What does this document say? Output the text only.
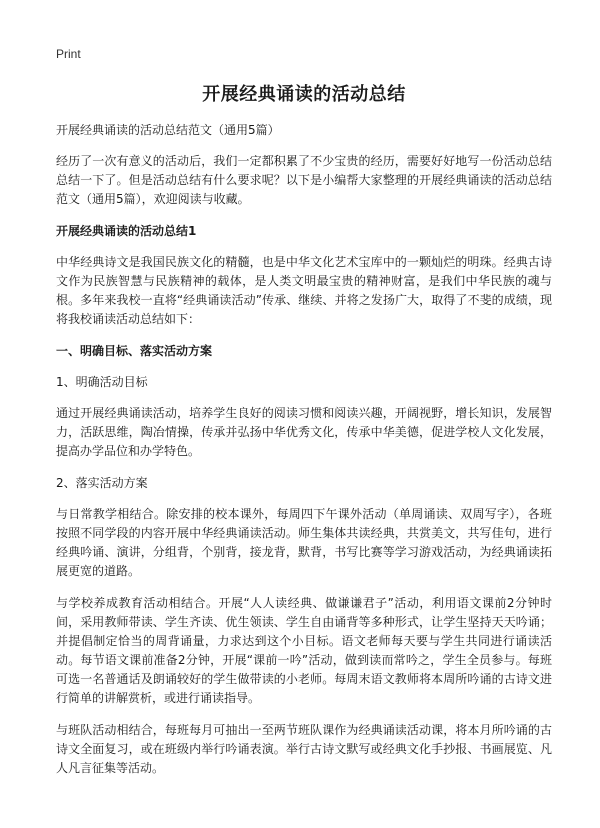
Print
开展经典诵读的活动总结

开展经典诵读的活动总结范文（通用5篇）

经历了一次有意义的活动后，我们一定都积累了不少宝贵的经历，需要好好地写一份活动总结总结一下了。但是活动总结有什么要求呢？以下是小编帮大家整理的开展经典诵读的活动总结范文（通用5篇），欢迎阅读与收藏。

开展经典诵读的活动总结1

中华经典诗文是我国民族文化的精髓，也是中华文化艺术宝库中的一颗灿烂的明珠。经典古诗文作为民族智慧与民族精神的载体，是人类文明最宝贵的精神财富，是我们中华民族的魂与根。多年来我校一直将“经典诵读活动”传承、继续、并将之发扬广大，取得了不斐的成绩，现将我校诵读活动总结如下：

一、明确目标、落实活动方案

1、明确活动目标

通过开展经典诵读活动，培养学生良好的阅读习惯和阅读兴趣，开阔视野，增长知识，发展智力，活跃思维，陶冶情操，传承并弘扬中华优秀文化，传承中华美德，促进学校人文化发展，提高办学品位和办学特色。

2、落实活动方案

与日常教学相结合。除安排的校本课外，每周四下午课外活动（单周诵读、双周写字），各班按照不同学段的内容开展中华经典诵读活动。师生集体共读经典，共赏美文，共写佳句，进行经典吟诵、演讲，分组背，个别背，接龙背，默背，书写比赛等学习游戏活动，为经典诵读拓展更宽的道路。

与学校养成教育活动相结合。开展“人人读经典、做谦谦君子”活动，利用语文课前2分钟时间，采用教师带读、学生齐读、优生领读、学生自由诵背等多种形式，让学生坚持天天吟诵；并提倡制定恰当的周背诵量，力求达到这个小目标。语文老师每天要与学生共同进行诵读活动。每节语文课前准备2分钟，开展“课前一吟”活动，做到读而常吟之，学生全员参与。每班可选一名普通话及朗诵较好的学生做带读的小老师。每周末语文教师将本周所吟诵的古诗文进行简单的讲解赏析，或进行诵读指导。

与班队活动相结合，每班每月可抽出一至两节班队课作为经典诵读活动课，将本月所吟诵的古诗文全面复习，或在班级内举行吟诵表演。举行古诗文默写或经典文化手抄报、书画展览、凡人凡言征集等活动。
